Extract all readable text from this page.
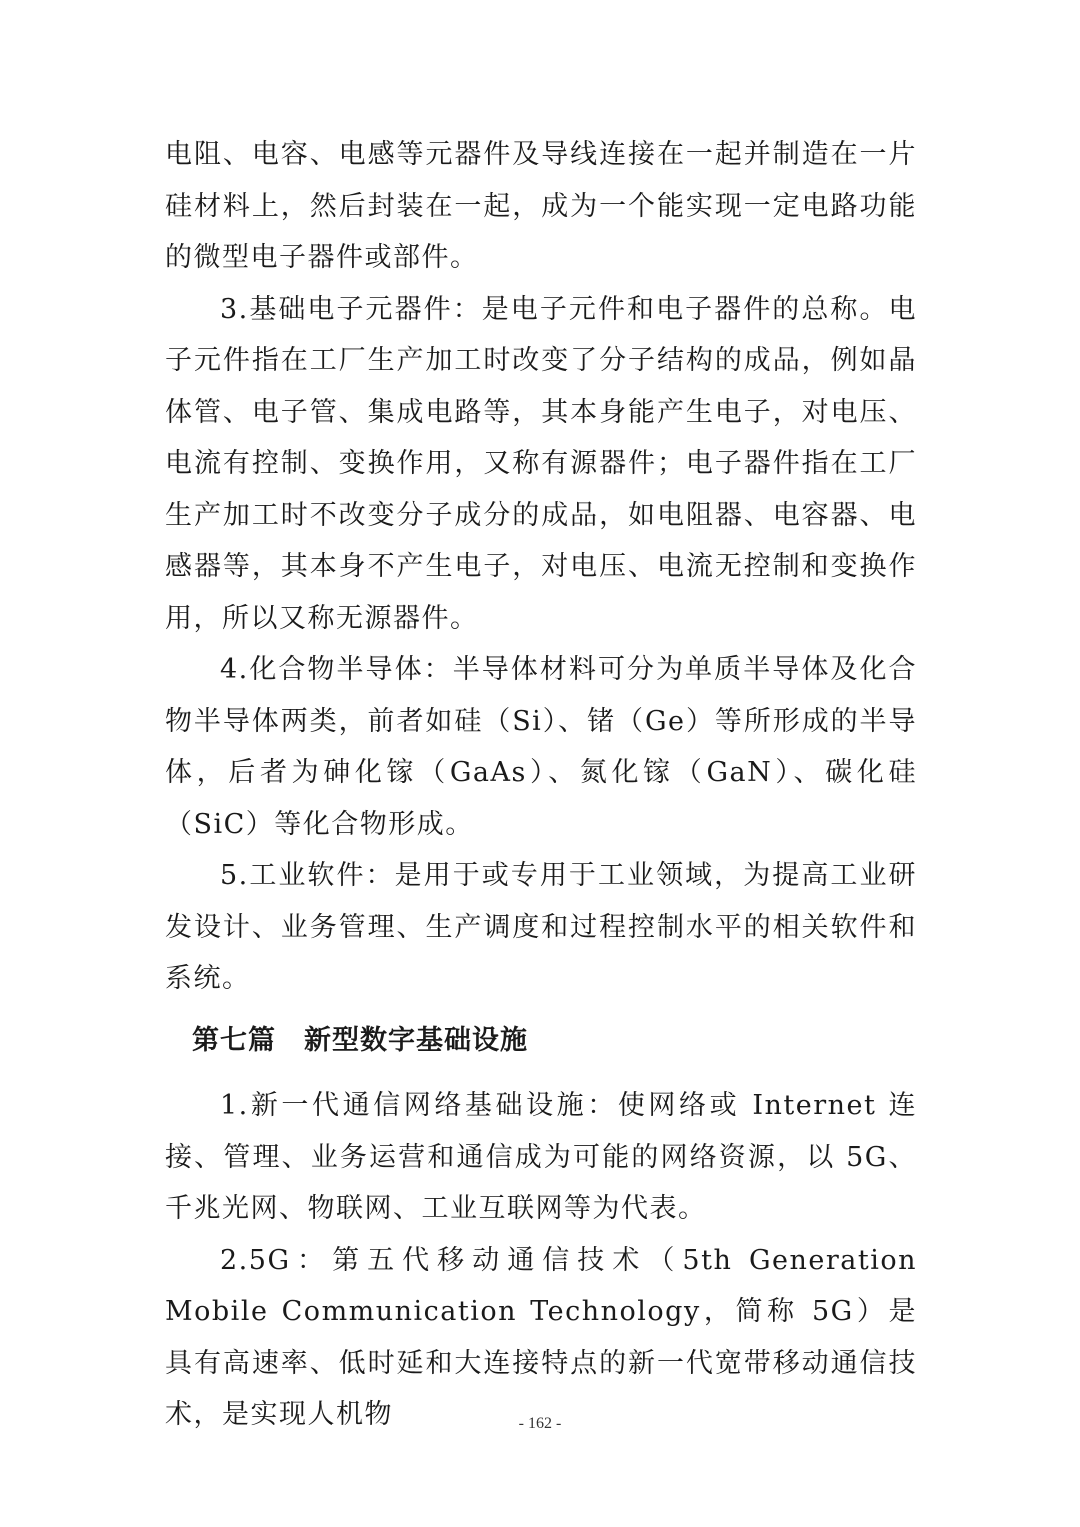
电阻、电容、电感等元器件及导线连接在一起并制造在一片硅材料上，然后封装在一起，成为一个能实现一定电路功能的微型电子器件或部件。

3.基础电子元器件：是电子元件和电子器件的总称。电子元件指在工厂生产加工时改变了分子结构的成品，例如晶体管、电子管、集成电路等，其本身能产生电子，对电压、电流有控制、变换作用，又称有源器件；电子器件指在工厂生产加工时不改变分子成分的成品，如电阻器、电容器、电感器等，其本身不产生电子，对电压、电流无控制和变换作用，所以又称无源器件。

4.化合物半导体：半导体材料可分为单质半导体及化合物半导体两类，前者如硅（Si）、锗（Ge）等所形成的半导体，后者为砷化镓（GaAs）、氮化镓（GaN）、碳化硅（SiC）等化合物形成。

5.工业软件：是用于或专用于工业领域，为提高工业研发设计、业务管理、生产调度和过程控制水平的相关软件和系统。

第七篇　新型数字基础设施

1.新一代通信网络基础设施：使网络或 Internet 连接、管理、业务运营和通信成为可能的网络资源，以 5G、千兆光网、物联网、工业互联网等为代表。

2.5G：第五代移动通信技术（5th Generation Mobile Communication Technology，简称 5G）是具有高速率、低时延和大连接特点的新一代宽带移动通信技术，是实现人机物	- 162 -
